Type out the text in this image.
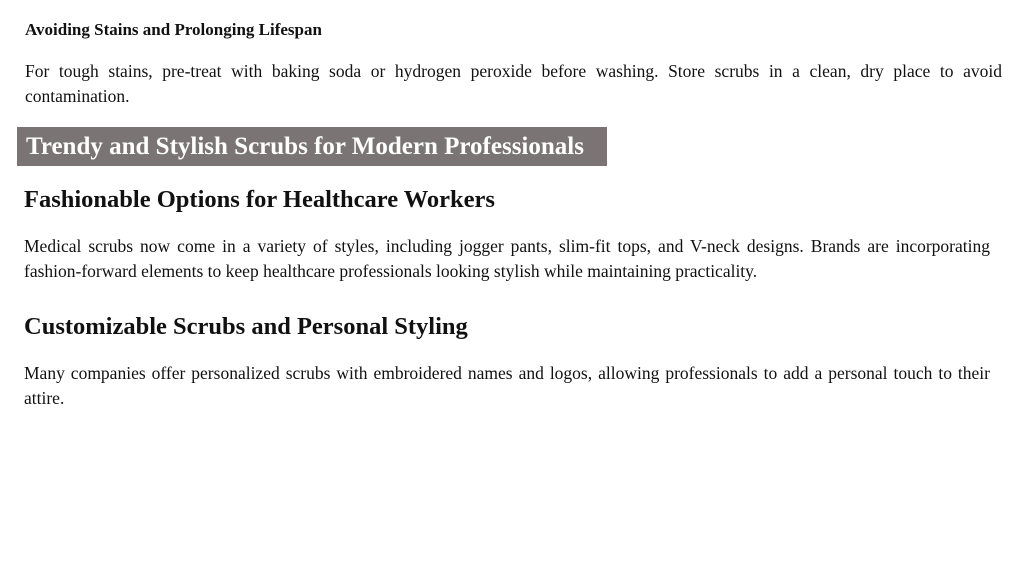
Avoiding Stains and Prolonging Lifespan
For tough stains, pre-treat with baking soda or hydrogen peroxide before washing. Store scrubs in a clean, dry place to avoid contamination.
Trendy and Stylish Scrubs for Modern Professionals
Fashionable Options for Healthcare Workers
Medical scrubs now come in a variety of styles, including jogger pants, slim-fit tops, and V-neck designs. Brands are incorporating fashion-forward elements to keep healthcare professionals looking stylish while maintaining practicality.
Customizable Scrubs and Personal Styling
Many companies offer personalized scrubs with embroidered names and logos, allowing professionals to add a personal touch to their attire.
